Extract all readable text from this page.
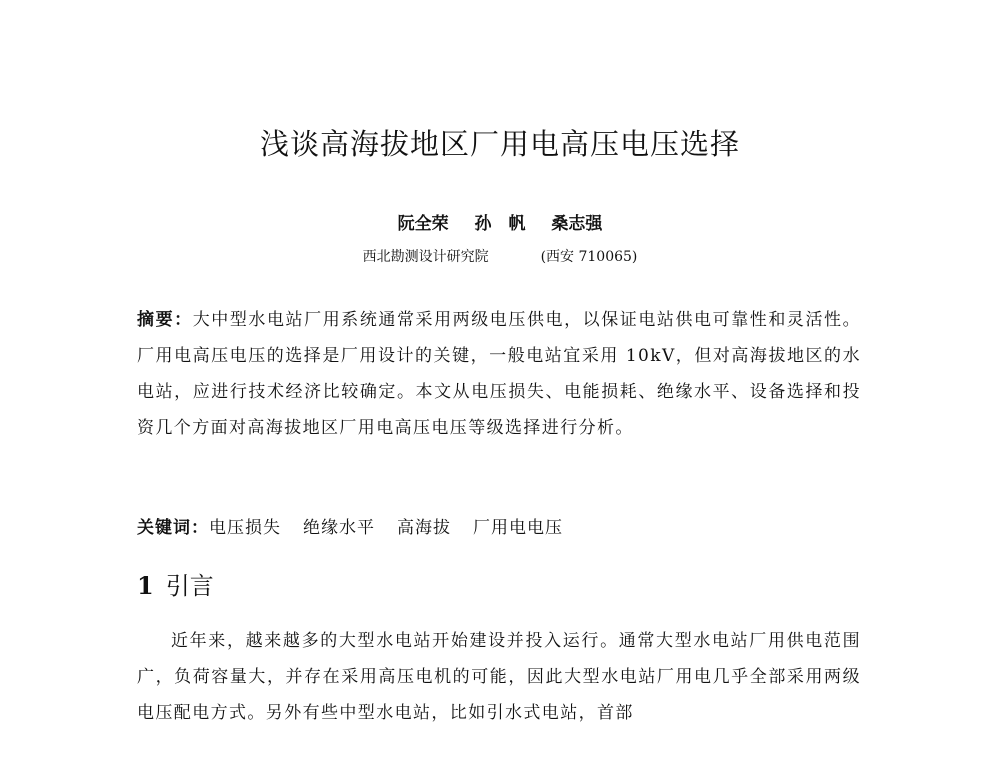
浅谈高海拔地区厂用电高压电压选择
阮全荣 孙　帆 桑志强
西北勘测设计研究院	(西安 710065)
摘要：大中型水电站厂用系统通常采用两级电压供电，以保证电站供电可靠性和灵活性。厂用电高压电压的选择是厂用设计的关键，一般电站宜采用 10kV，但对高海拔地区的水电站，应进行技术经济比较确定。本文从电压损失、电能损耗、绝缘水平、设备选择和投资几个方面对高海拔地区厂用电高压电压等级选择进行分析。
关键词：电压损失 绝缘水平 高海拔 厂用电电压
1 引言

近年来，越来越多的大型水电站开始建设并投入运行。通常大型水电站厂用供电范围广，负荷容量大，并存在采用高压电机的可能，因此大型水电站厂用电几乎全部采用两级电压配电方式。另外有些中型水电站，比如引水式电站，首部
